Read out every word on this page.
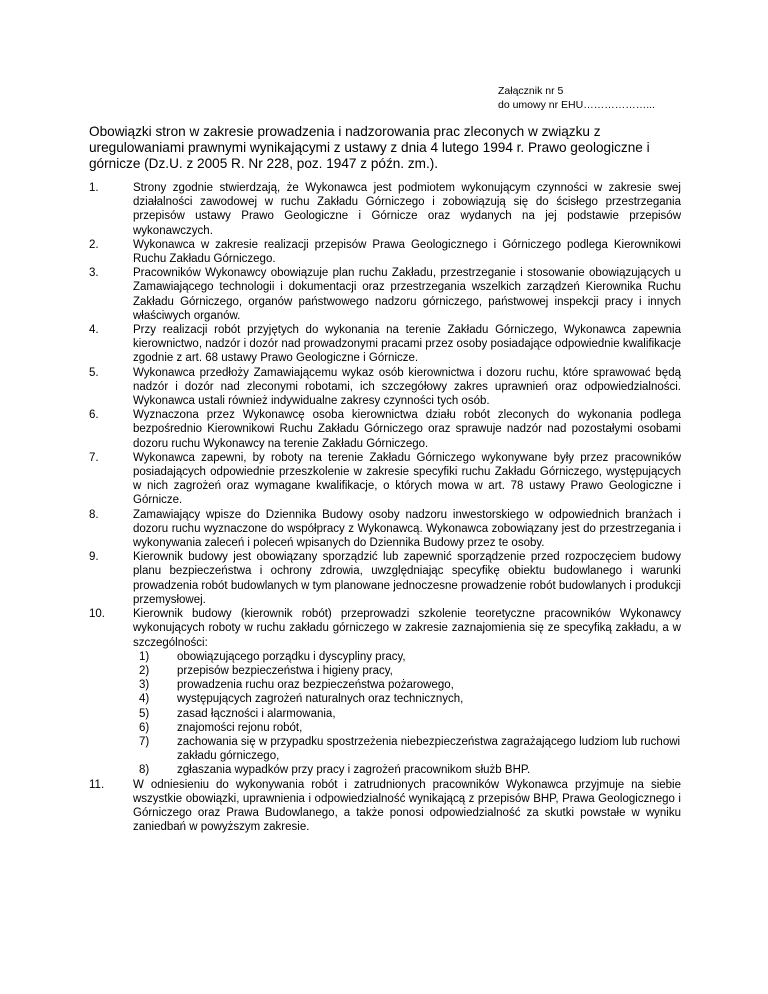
Załącznik nr 5
do umowy nr EHU………………...
Obowiązki stron w zakresie prowadzenia i nadzorowania prac zleconych w związku z uregulowaniami prawnymi wynikającymi z ustawy z dnia 4 lutego 1994 r. Prawo geologiczne i górnicze (Dz.U. z 2005 R. Nr 228, poz. 1947 z późn. zm.).
1.	Strony zgodnie stwierdzają, że Wykonawca jest podmiotem wykonującym czynności w zakresie swej działalności zawodowej w ruchu Zakładu Górniczego i zobowiązują się do ścisłego przestrzegania przepisów ustawy Prawo Geologiczne i Górnicze oraz wydanych na jej podstawie przepisów wykonawczych.
2.	Wykonawca w zakresie realizacji przepisów Prawa Geologicznego i Górniczego podlega Kierownikowi Ruchu Zakładu Górniczego.
3.	Pracowników Wykonawcy obowiązuje plan ruchu Zakładu, przestrzeganie i stosowanie obowiązujących u Zamawiającego technologii i dokumentacji oraz przestrzegania wszelkich zarządzeń Kierownika Ruchu Zakładu Górniczego, organów państwowego nadzoru górniczego, państwowej inspekcji pracy i innych właściwych organów.
4.	Przy realizacji robót przyjętych do wykonania na terenie Zakładu Górniczego, Wykonawca zapewnia kierownictwo, nadzór i dozór nad prowadzonymi pracami przez osoby posiadające odpowiednie kwalifikacje zgodnie z art. 68 ustawy Prawo Geologiczne i Górnicze.
5.	Wykonawca przedłoży Zamawiającemu wykaz osób kierownictwa i dozoru ruchu, które sprawować będą nadzór i dozór nad zleconymi robotami, ich szczegółowy zakres uprawnień oraz odpowiedzialności. Wykonawca ustali również indywidualne zakresy czynności tych osób.
6.	Wyznaczona przez Wykonawcę osoba kierownictwa działu robót zleconych do wykonania podlega bezpośrednio Kierownikowi Ruchu Zakładu Górniczego oraz sprawuje nadzór nad pozostałymi osobami dozoru ruchu Wykonawcy na terenie Zakładu Górniczego.
7.	Wykonawca zapewni, by roboty na terenie Zakładu Górniczego wykonywane były przez pracowników posiadających odpowiednie przeszkolenie w zakresie specyfiki ruchu Zakładu Górniczego, występujących w nich zagrożeń oraz wymagane kwalifikacje, o których mowa w art. 78 ustawy Prawo Geologiczne i Górnicze.
8.	Zamawiający wpisze do Dziennika Budowy osoby nadzoru inwestorskiego w odpowiednich branżach i dozoru ruchu wyznaczone do współpracy z Wykonawcą. Wykonawca zobowiązany jest do przestrzegania i wykonywania zaleceń i poleceń wpisanych do Dziennika Budowy przez te osoby.
9.	Kierownik budowy jest obowiązany sporządzić lub zapewnić sporządzenie przed rozpoczęciem budowy planu bezpieczeństwa i ochrony zdrowia, uwzględniając specyfikę obiektu budowlanego i warunki prowadzenia robót budowlanych w tym planowane jednoczesne prowadzenie robót budowlanych i produkcji przemysłowej.
10. Kierownik budowy (kierownik robót) przeprowadzi szkolenie teoretyczne pracowników Wykonawcy wykonujących roboty w ruchu zakładu górniczego w zakresie zaznajomienia się ze specyfiką zakładu, a w szczególności:
1) obowiązującego porządku i dyscypliny pracy,
2) przepisów bezpieczeństwa i higieny pracy,
3) prowadzenia ruchu oraz bezpieczeństwa pożarowego,
4) występujących zagrożeń naturalnych oraz technicznych,
5) zasad łączności i alarmowania,
6) znajomości rejonu robót,
7) zachowania się w przypadku spostrzeżenia niebezpieczeństwa zagrażającego ludziom lub ruchowi zakładu górniczego,
8) zgłaszania wypadków przy pracy i zagrożeń pracownikom służb BHP.
11.	W odniesieniu do wykonywania robót i zatrudnionych pracowników Wykonawca przyjmuje na siebie wszystkie obowiązki, uprawnienia i odpowiedzialność wynikającą z przepisów BHP, Prawa Geologicznego i Górniczego oraz Prawa Budowlanego, a także ponosi odpowiedzialność za skutki powstałe w wyniku zaniedbań w powyższym zakresie.
